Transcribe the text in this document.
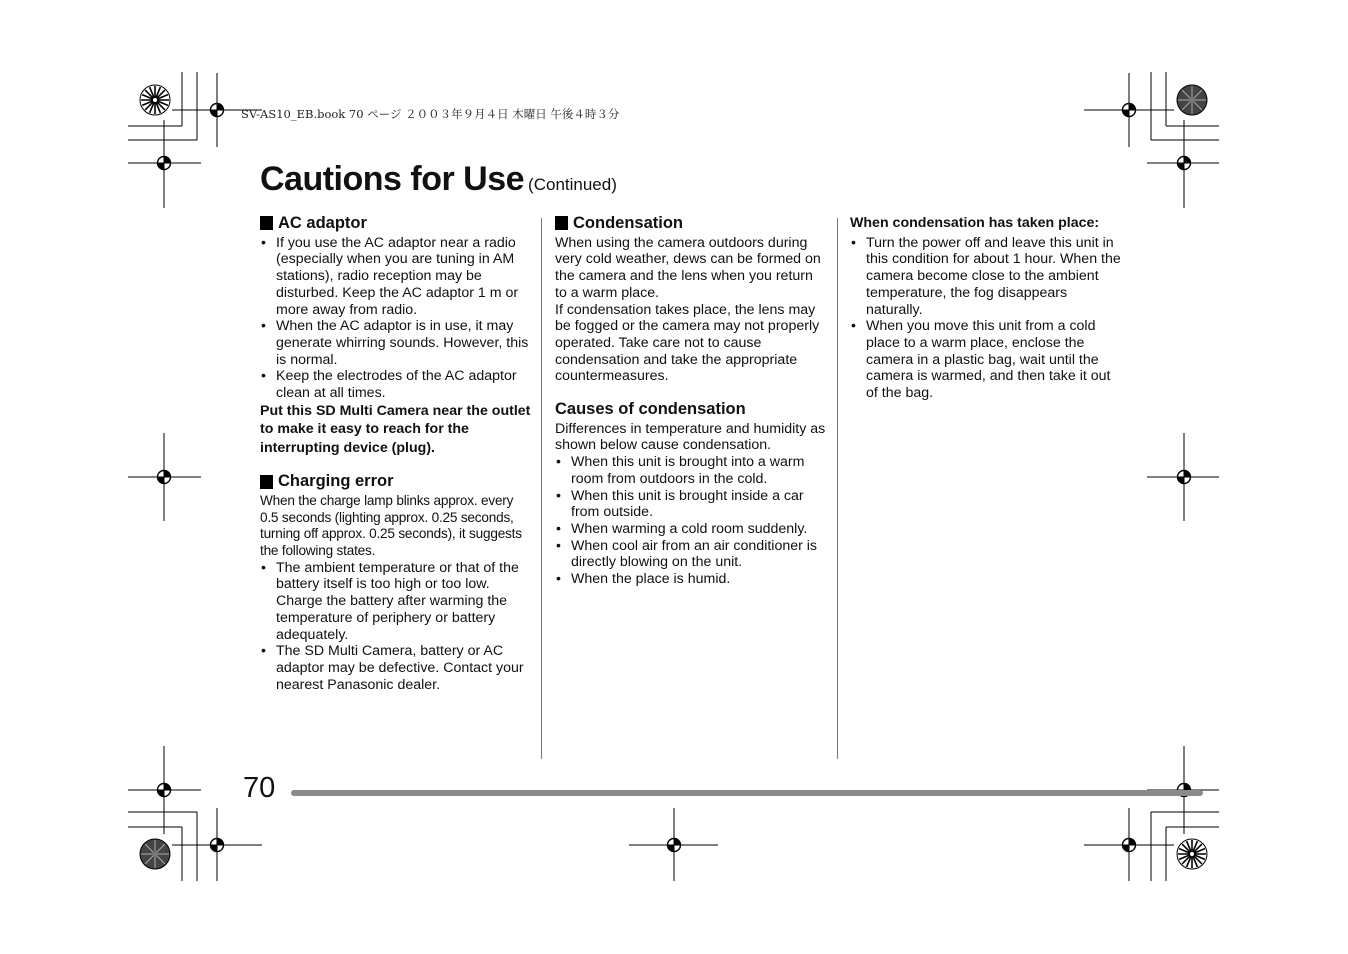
SV-AS10_EB.book 70 ページ ２００３年９月４日 木曜日 午後４時３分
Cautions for Use (Continued)
AC adaptor
• If you use the AC adaptor near a radio (especially when you are tuning in AM stations), radio reception may be disturbed. Keep the AC adaptor 1 m or more away from radio.
• When the AC adaptor is in use, it may generate whirring sounds. However, this is normal.
• Keep the electrodes of the AC adaptor clean at all times.

Put this SD Multi Camera near the outlet to make it easy to reach for the interrupting device (plug).

Charging error

When the charge lamp blinks approx. every 0.5 seconds (lighting approx. 0.25 seconds, turning off approx. 0.25 seconds), it suggests the following states.

• The ambient temperature or that of the battery itself is too high or too low. Charge the battery after warming the temperature of periphery or battery adequately.
• The SD Multi Camera, battery or AC adaptor may be defective. Contact your nearest Panasonic dealer.
Condensation

When using the camera outdoors during very cold weather, dews can be formed on the camera and the lens when you return to a warm place.

If condensation takes place, the lens may be fogged or the camera may not properly operated. Take care not to cause condensation and take the appropriate countermeasures.

Causes of condensation

Differences in temperature and humidity as shown below cause condensation.

• When this unit is brought into a warm room from outdoors in the cold.
• When this unit is brought inside a car from outside.
• When warming a cold room suddenly.
• When cool air from an air conditioner is directly blowing on the unit.
• When the place is humid.
When condensation has taken place:
• Turn the power off and leave this unit in this condition for about 1 hour. When the camera become close to the ambient temperature, the fog disappears naturally.
• When you move this unit from a cold place to a warm place, enclose the camera in a plastic bag, wait until the camera is warmed, and then take it out of the bag.
70
